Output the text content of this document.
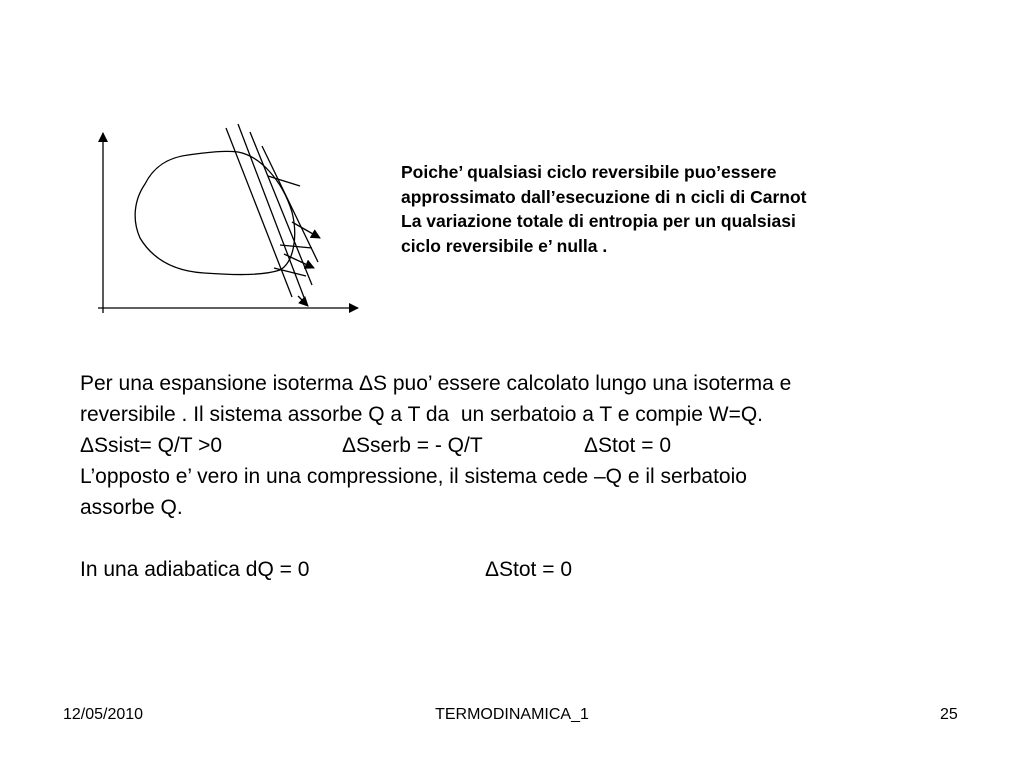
Poiche’ qualsiasi ciclo reversibile puo’essere
approssimato dall’esecuzione di n cicli di Carnot
La variazione totale di entropia per un qualsiasi
ciclo reversibile e’ nulla .
Per una espansione isoterma ΔS puo’ essere calcolato lungo una isoterma e
reversibile . Il sistema assorbe Q a T da  un serbatoio a T e compie W=Q.
ΔSsist= Q/T >0	ΔSserb = - Q/T	ΔStot = 0
L’opposto e’ vero in una compressione, il sistema cede –Q e il serbatoio
assorbe Q.
In una adiabatica dQ = 0	ΔStot = 0
12/05/2010	TERMODINAMICA_1	25
